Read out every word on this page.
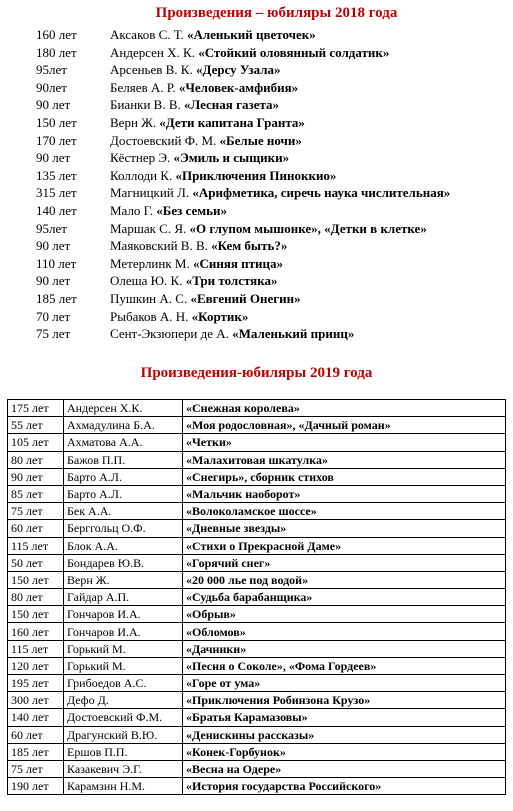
Произведения – юбиляры 2018 года
160 лет	Аксаков С. Т. «Аленький цветочек»
180 лет	Андерсен Х. К. «Стойкий оловянный солдатик»
95лет	Арсеньев В. К. «Дерсу Узала»
90лет	Беляев А. Р. «Человек-амфибия»
90 лет	Бианки В. В. «Лесная газета»
150 лет	Верн Ж. «Дети капитана Гранта»
170 лет	Достоевский Ф. М. «Белые ночи»
90 лет	Кёстнер Э. «Эмиль и сыщики»
135 лет	Коллоди К. «Приключения Пиноккио»
315 лет	Магницкий Л. «Арифметика, сиречь наука числительная»
140 лет	Мало Г. «Без семьи»
95лет	Маршак С. Я. «О глупом мышонке», «Детки в клетке»
90 лет	Маяковский В. В. «Кем быть?»
110 лет	Метерлинк М. «Синяя птица»
90 лет	Олеша Ю. К. «Три толстяка»
185 лет	Пушкин А. С. «Евгений Онегин»
70 лет	Рыбаков А. Н. «Кортик»
75 лет	Сент-Экзюпери де А. «Маленький принц»
Произведения-юбиляры 2019 года
175 лет	Андерсен Х.К.	«Снежная королева»
55 лет	Ахмадулина Б.А.	«Моя родословная», «Дачный роман»
105 лет	Ахматова А.А.	«Четки»
80 лет	Бажов П.П.	«Малахитовая шкатулка»
90 лет	Барто А.Л.	«Снегирь», сборник стихов
85 лет	Барто А.Л.	«Мальчик наоборот»
75 лет	Бек А.А.	«Волоколамское шоссе»
60 лет	Берггольц О.Ф.	«Дневные звезды»
115 лет	Блок А.А.	«Стихи о Прекрасной Даме»
50 лет	Бондарев Ю.В.	«Горячий снег»
150 лет	Верн Ж.	«20 000 лье под водой»
80 лет	Гайдар А.П.	«Судьба барабанщика»
150 лет	Гончаров И.А.	«Обрыв»
160 лет	Гончаров И.А.	«Обломов»
115 лет	Горький М.	«Дачники»
120 лет	Горький М.	«Песня о Соколе», «Фома Гордеев»
195 лет	Грибоедов А.С.	«Горе от ума»
300 лет	Дефо Д.	«Приключения Робинзона Крузо»
140 лет	Достоевский Ф.М.	«Братья Карамазовы»
60 лет	Драгунский В.Ю.	«Денискины рассказы»
185 лет	Ершов П.П.	«Конек-Горбунок»
75 лет	Казакевич Э.Г.	«Весна на Одере»
190 лет	Карамзин Н.М.	«История государства Российского»
